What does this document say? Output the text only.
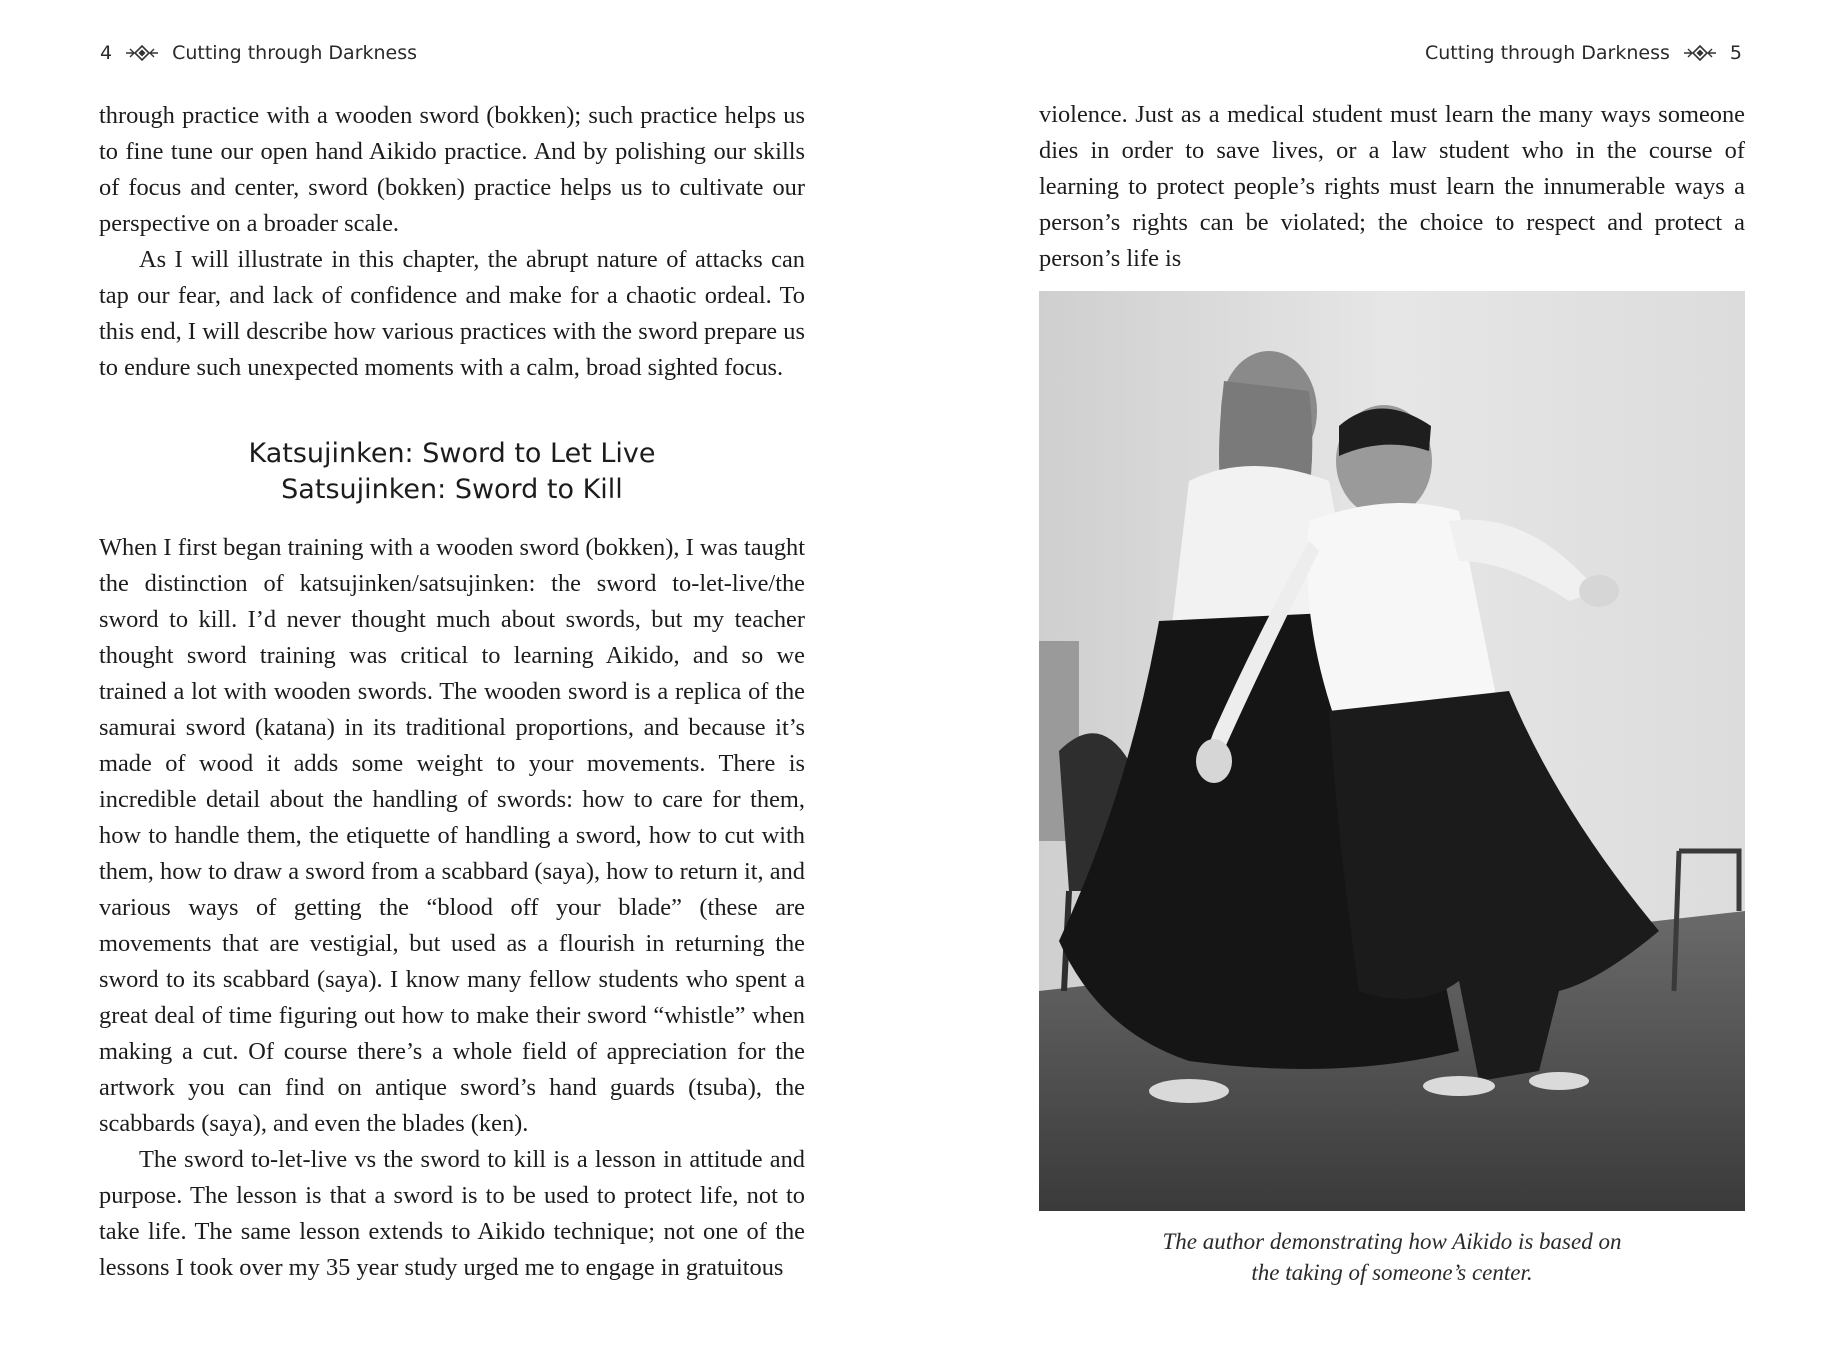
4	Cutting through Darkness

through practice with a wooden sword (bokken); such practice helps us to fine tune our open hand Aikido practice. And by polishing our skills of focus and center, sword (bokken) practice helps us to cultivate our perspective on a broader scale.

As I will illustrate in this chapter, the abrupt nature of attacks can tap our fear, and lack of confidence and make for a chaotic ordeal. To this end, I will describe how various practices with the sword prepare us to endure such unexpected moments with a calm, broad sighted focus.

Katsujinken: Sword to Let Live
Satsujinken: Sword to Kill

When I first began training with a wooden sword (bokken), I was taught the distinction of katsujinken/satsujinken: the sword to-let-live/the sword to kill. I’d never thought much about swords, but my teacher thought sword training was critical to learning Aikido, and so we trained a lot with wooden swords. The wooden sword is a replica of the samurai sword (katana) in its traditional proportions, and because it’s made of wood it adds some weight to your movements. There is incredible detail about the handling of swords: how to care for them, how to handle them, the etiquette of handling a sword, how to cut with them, how to draw a sword from a scabbard (saya), how to return it, and various ways of getting the “blood off your blade” (these are movements that are vestigial, but used as a flourish in returning the sword to its scabbard (saya). I know many fellow students who spent a great deal of time figuring out how to make their sword “whistle” when making a cut. Of course there’s a whole field of appreciation for the artwork you can find on antique sword’s hand guards (tsuba), the scabbards (saya), and even the blades (ken).

The sword to-let-live vs the sword to kill is a lesson in attitude and purpose. The lesson is that a sword is to be used to protect life, not to take life. The same lesson extends to Aikido technique; not one of the lessons I took over my 35 year study urged me to engage in gratuitous

Cutting through Darkness	5

violence. Just as a medical student must learn the many ways someone dies in order to save lives, or a law student who in the course of learning to protect people’s rights must learn the innumerable ways a person’s rights can be violated; the choice to respect and protect a person’s life is

The author demonstrating how Aikido is based on
the taking of someone’s center.
